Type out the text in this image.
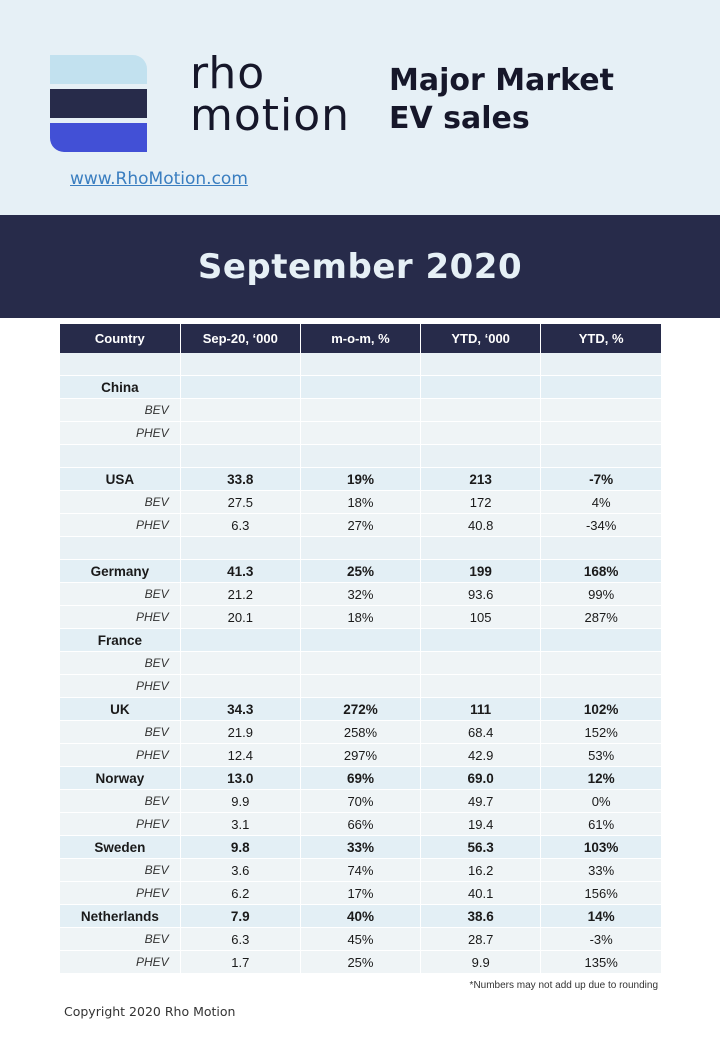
rho
motion
Major Market
EV sales
www.RhoMotion.com
September 2020
Country	Sep-20, ‘000	m-o-m, %	YTD, ‘000	YTD, %

China				
BEV				
PHEV				

USA	33.8	19%	213	-7%
BEV	27.5	18%	172	4%
PHEV	6.3	27%	40.8	-34%

Germany	41.3	25%	199	168%
BEV	21.2	32%	93.6	99%
PHEV	20.1	18%	105	287%
France				
BEV				
PHEV				
UK	34.3	272%	111	102%
BEV	21.9	258%	68.4	152%
PHEV	12.4	297%	42.9	53%
Norway	13.0	69%	69.0	12%
BEV	9.9	70%	49.7	0%
PHEV	3.1	66%	19.4	61%
Sweden	9.8	33%	56.3	103%
BEV	3.6	74%	16.2	33%
PHEV	6.2	17%	40.1	156%
Netherlands	7.9	40%	38.6	14%
BEV	6.3	45%	28.7	-3%
PHEV	1.7	25%	9.9	135%
*Numbers may not add up due to rounding
Copyright 2020 Rho Motion
